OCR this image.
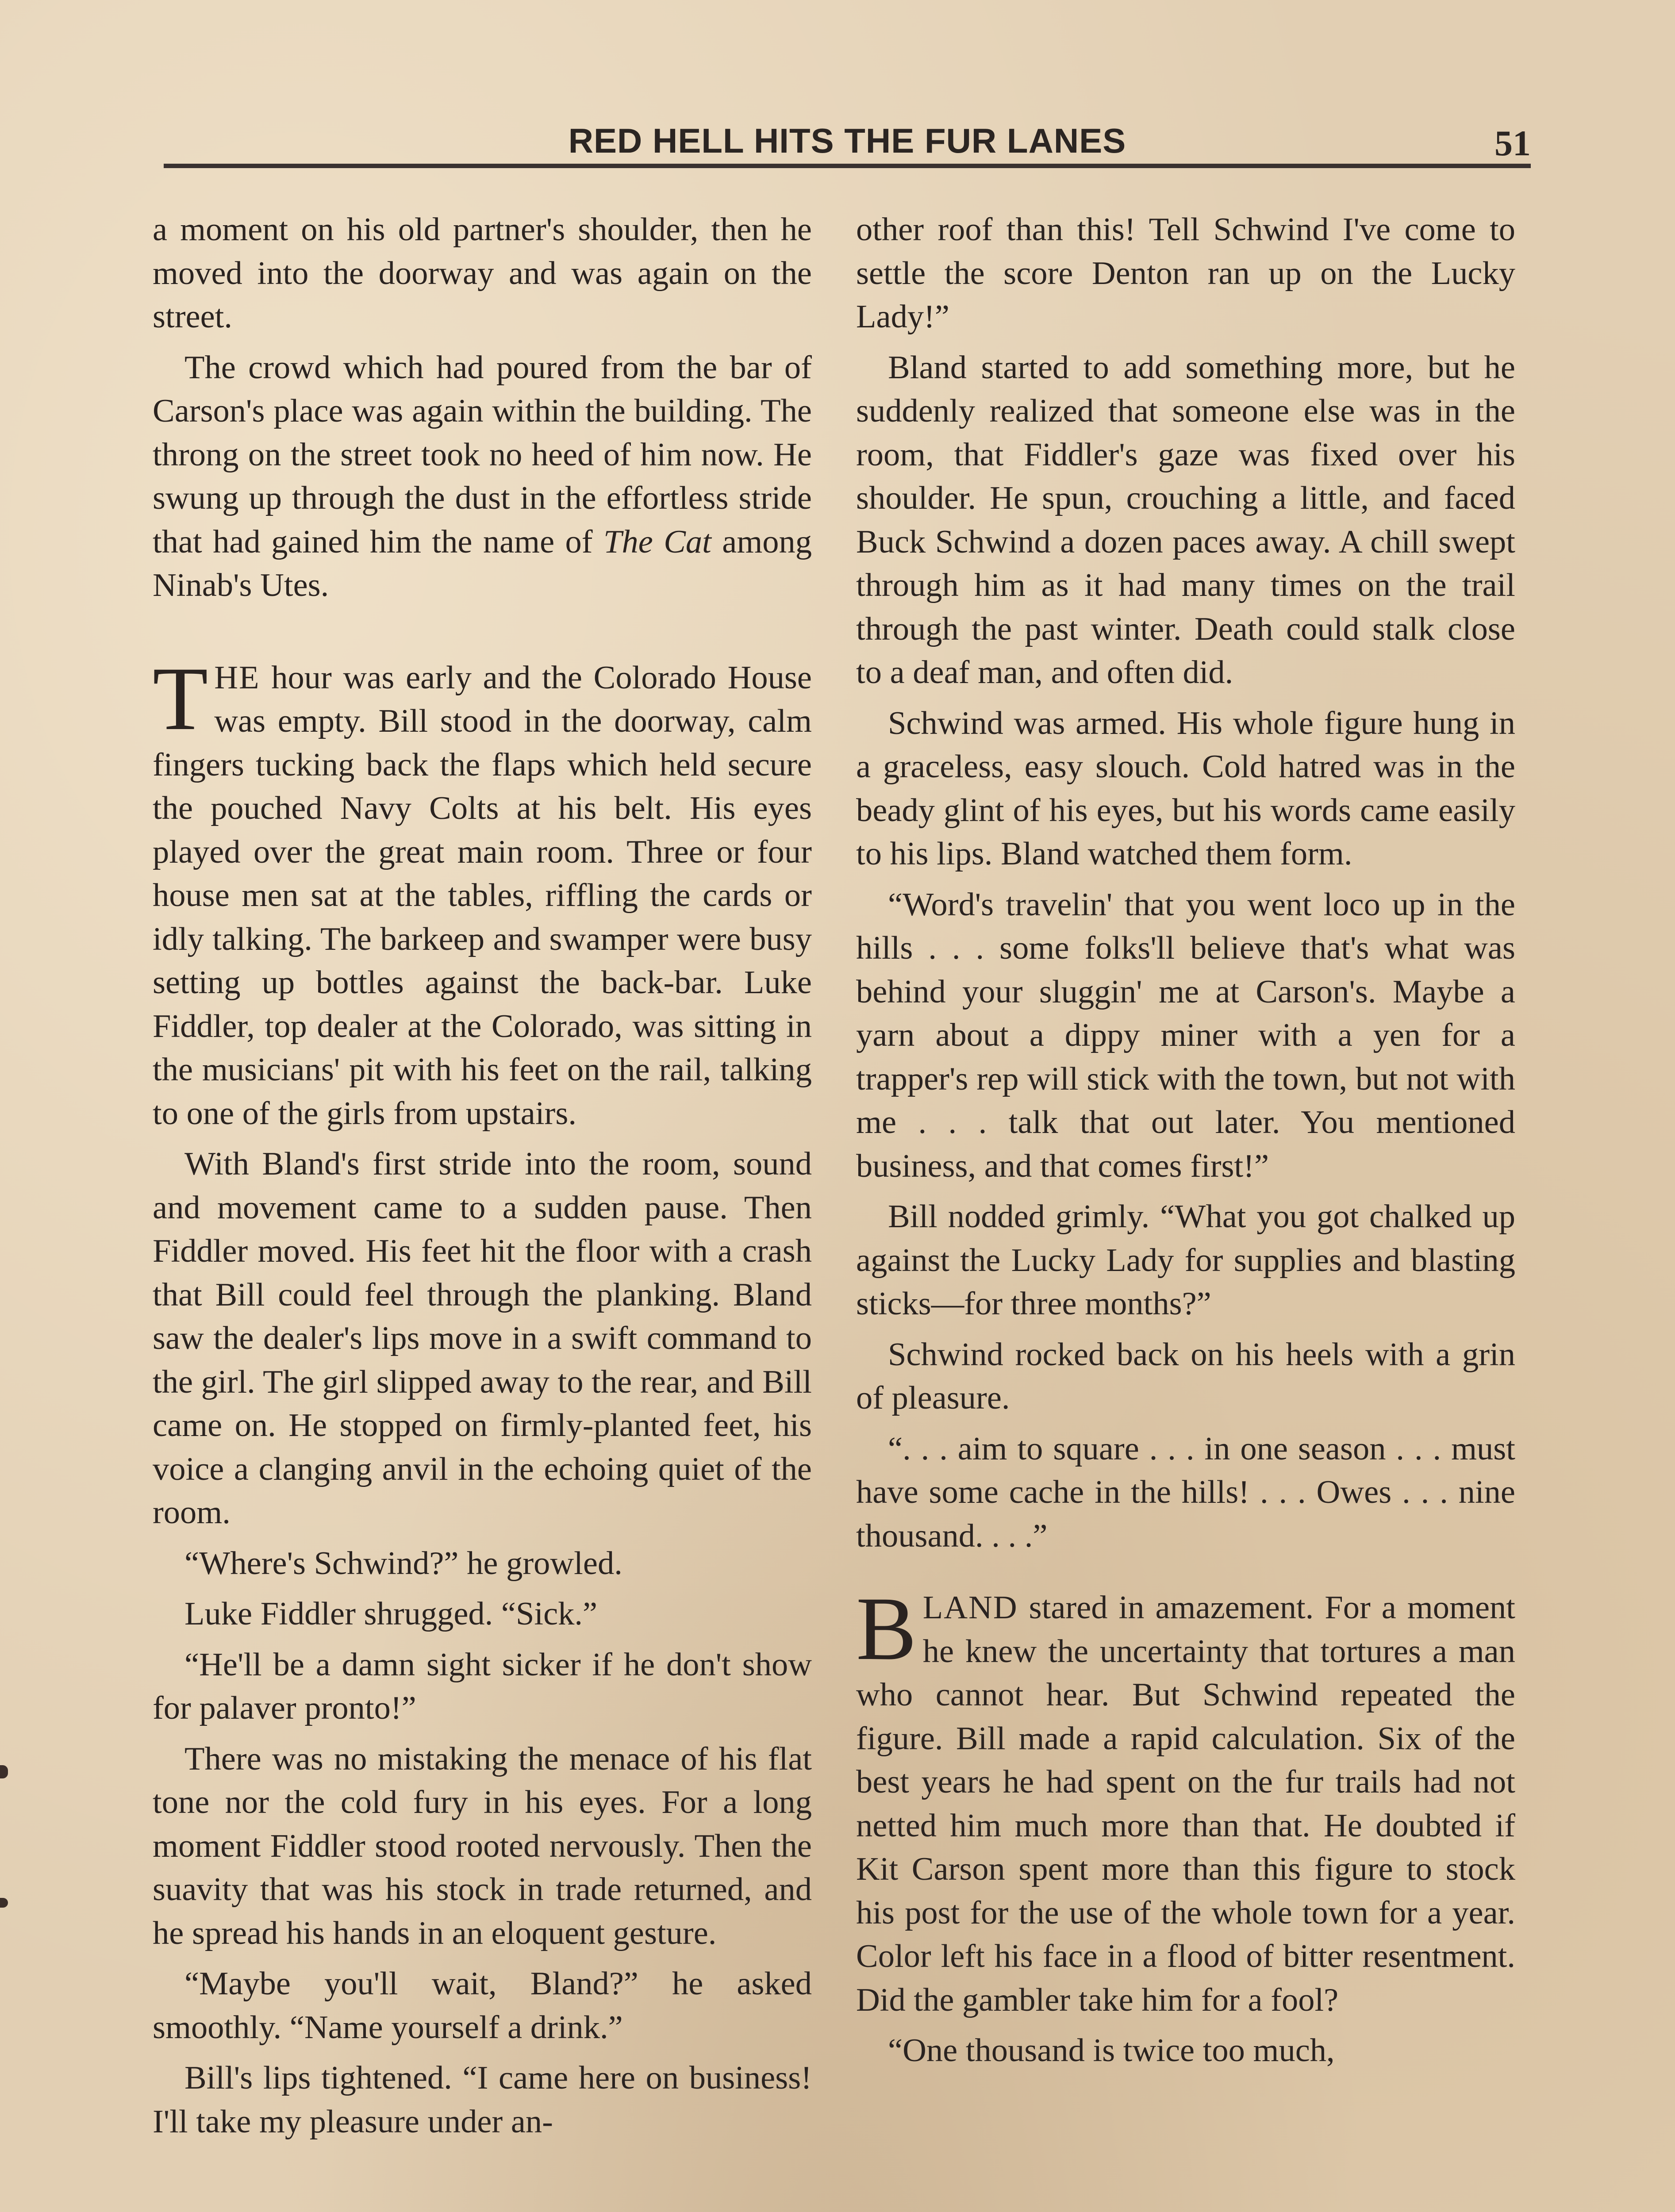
RED HELL HITS THE FUR LANES	51

a moment on his old partner's shoulder, then he moved into the doorway and was again on the street.

The crowd which had poured from the bar of Carson's place was again within the building. The throng on the street took no heed of him now. He swung up through the dust in the effortless stride that had gained him the name of The Cat among Ninab's Utes.

THE hour was early and the Colorado House was empty. Bill stood in the doorway, calm fingers tucking back the flaps which held secure the pouched Navy Colts at his belt. His eyes played over the great main room. Three or four house men sat at the tables, riffling the cards or idly talking. The barkeep and swamper were busy setting up bottles against the back-bar. Luke Fiddler, top dealer at the Colorado, was sitting in the musicians' pit with his feet on the rail, talking to one of the girls from upstairs.

With Bland's first stride into the room, sound and movement came to a sudden pause. Then Fiddler moved. His feet hit the floor with a crash that Bill could feel through the planking. Bland saw the dealer's lips move in a swift command to the girl. The girl slipped away to the rear, and Bill came on. He stopped on firmly-planted feet, his voice a clanging anvil in the echoing quiet of the room.

“Where's Schwind?” he growled.

Luke Fiddler shrugged. “Sick.”

“He'll be a damn sight sicker if he don't show for palaver pronto!”

There was no mistaking the menace of his flat tone nor the cold fury in his eyes. For a long moment Fiddler stood rooted nervously. Then the suavity that was his stock in trade returned, and he spread his hands in an eloquent gesture.

“Maybe you'll wait, Bland?” he asked smoothly. “Name yourself a drink.”

Bill's lips tightened. “I came here on business! I'll take my pleasure under an-

other roof than this! Tell Schwind I've come to settle the score Denton ran up on the Lucky Lady!”

Bland started to add something more, but he suddenly realized that someone else was in the room, that Fiddler's gaze was fixed over his shoulder. He spun, crouching a little, and faced Buck Schwind a dozen paces away. A chill swept through him as it had many times on the trail through the past winter. Death could stalk close to a deaf man, and often did.

Schwind was armed. His whole figure hung in a graceless, easy slouch. Cold hatred was in the beady glint of his eyes, but his words came easily to his lips. Bland watched them form.

“Word's travelin' that you went loco up in the hills . . . some folks'll believe that's what was behind your sluggin' me at Carson's. Maybe a yarn about a dippy miner with a yen for a trapper's rep will stick with the town, but not with me . . . talk that out later. You mentioned business, and that comes first!”

Bill nodded grimly. “What you got chalked up against the Lucky Lady for supplies and blasting sticks—for three months?”

Schwind rocked back on his heels with a grin of pleasure.

“. . . aim to square . . . in one season . . . must have some cache in the hills! . . . Owes . . . nine thousand. . . .”

BLAND stared in amazement. For a moment he knew the uncertainty that tortures a man who cannot hear. But Schwind repeated the figure. Bill made a rapid calculation. Six of the best years he had spent on the fur trails had not netted him much more than that. He doubted if Kit Carson spent more than this figure to stock his post for the use of the whole town for a year. Color left his face in a flood of bitter resentment. Did the gambler take him for a fool?

“One thousand is twice too much,
